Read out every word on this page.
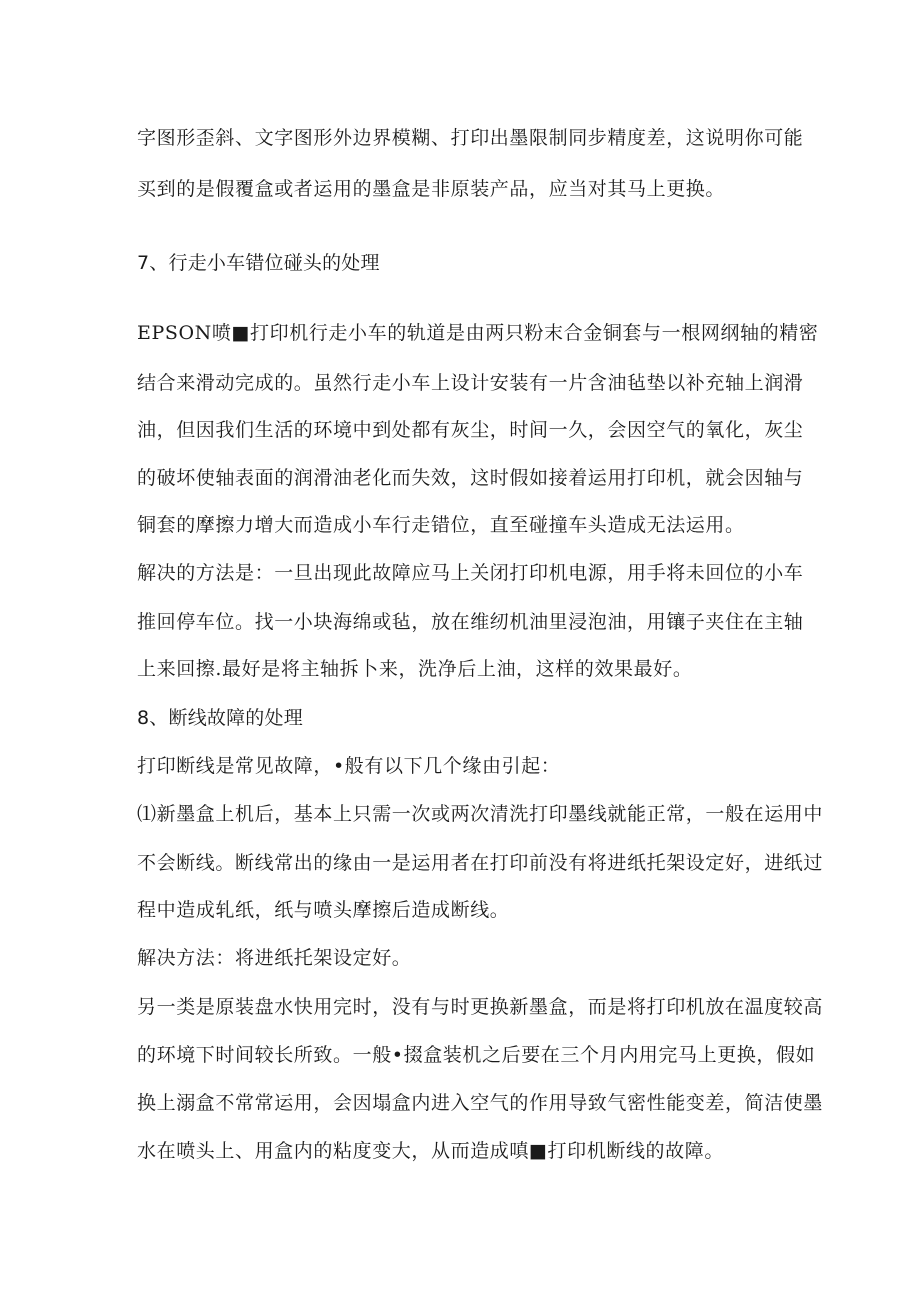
字图形歪斜、文字图形外边界模糊、打印出墨限制同步精度差，这说明你可能
买到的是假覆盒或者运用的墨盒是非原装产品，应当对其马上更换。
7、行走小车错位碰头的处理
EPSON喷■打印机行走小车的轨道是由两只粉末合金铜套与一根网纲轴的精密
结合来滑动完成的。虽然行走小车上设计安装有一片含油毡垫以补充轴上润滑
油，但因我们生活的环境中到处都有灰尘，时间一久，会因空气的氧化，灰尘
的破坏使轴表面的润滑油老化而失效，这时假如接着运用打印机，就会因轴与
铜套的摩擦力增大而造成小车行走错位，直至碰撞车头造成无法运用。
解决的方法是：一旦出现此故障应马上关闭打印机电源，用手将未回位的小车
推回停车位。找一小块海绵或毡，放在维纫机油里浸泡油，用镶子夹住在主轴
上来回擦.最好是将主轴拆卜来，洗净后上油，这样的效果最好。
8、断线故障的处理
打印断线是常见故障，•般有以下几个缘由引起：
⑴新墨盒上机后，基本上只需一次或两次清洗打印墨线就能正常，一般在运用中
不会断线。断线常出的缘由一是运用者在打印前没有将进纸托架设定好，进纸过
程中造成轧纸，纸与喷头摩擦后造成断线。
解决方法：将进纸托架设定好。
另一类是原装盘水快用完时，没有与时更换新墨盒，而是将打印机放在温度较高
的环境下时间较长所致。一般•掇盒装机之后要在三个月内用完马上更换，假如
换上溺盒不常常运用，会因塌盒内进入空气的作用导致气密性能变差，简洁使墨
水在喷头上、用盒内的粘度变大，从而造成嗔■打印机断线的故障。
